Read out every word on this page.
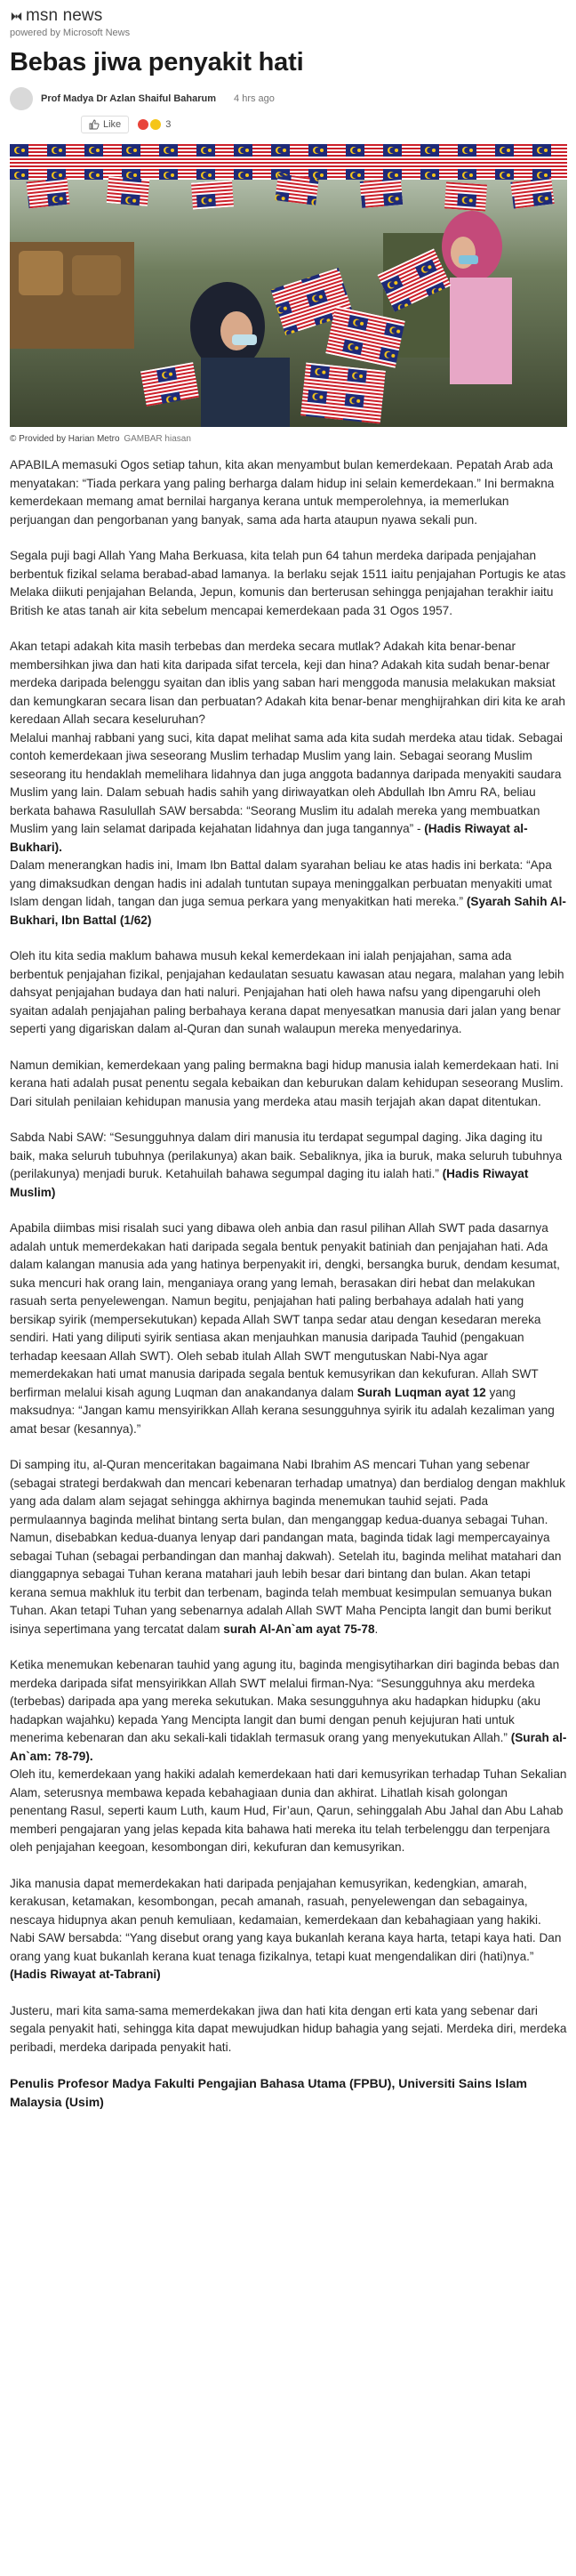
msn news
powered by Microsoft News
Bebas jiwa penyakit hati
Prof Madya Dr Azlan Shaiful Baharum 4 hrs ago
Like	3
© Provided by Harian Metro GAMBAR hiasan

APABILA memasuki Ogos setiap tahun, kita akan menyambut bulan kemerdekaan. Pepatah Arab ada menyatakan: “Tiada perkara yang paling berharga dalam hidup ini selain kemerdekaan.” Ini bermakna kemerdekaan memang amat bernilai harganya kerana untuk memperolehnya, ia memerlukan perjuangan dan pengorbanan yang banyak, sama ada harta ataupun nyawa sekali pun.

Segala puji bagi Allah Yang Maha Berkuasa, kita telah pun 64 tahun merdeka daripada penjajahan berbentuk fizikal selama berabad-abad lamanya. Ia berlaku sejak 1511 iaitu penjajahan Portugis ke atas Melaka diikuti penjajahan Belanda, Jepun, komunis dan berterusan sehingga penjajahan terakhir iaitu British ke atas tanah air kita sebelum mencapai kemerdekaan pada 31 Ogos 1957.

Akan tetapi adakah kita masih terbebas dan merdeka secara mutlak? Adakah kita benar-benar membersihkan jiwa dan hati kita daripada sifat tercela, keji dan hina? Adakah kita sudah benar-benar merdeka daripada belenggu syaitan dan iblis yang saban hari menggoda manusia melakukan maksiat dan kemungkaran secara lisan dan perbuatan? Adakah kita benar-benar menghijrahkan diri kita ke arah keredaan Allah secara keseluruhan?

Melalui manhaj rabbani yang suci, kita dapat melihat sama ada kita sudah merdeka atau tidak. Sebagai contoh kemerdekaan jiwa seseorang Muslim terhadap Muslim yang lain. Sebagai seorang Muslim seseorang itu hendaklah memelihara lidahnya dan juga anggota badannya daripada menyakiti saudara Muslim yang lain. Dalam sebuah hadis sahih yang diriwayatkan oleh Abdullah Ibn Amru RA, beliau berkata bahawa Rasulullah SAW bersabda: “Seorang Muslim itu adalah mereka yang membuatkan Muslim yang lain selamat daripada kejahatan lidahnya dan juga tangannya” - (Hadis Riwayat al-Bukhari).

Dalam menerangkan hadis ini, Imam Ibn Battal dalam syarahan beliau ke atas hadis ini berkata: “Apa yang dimaksudkan dengan hadis ini adalah tuntutan supaya meninggalkan perbuatan menyakiti umat Islam dengan lidah, tangan dan juga semua perkara yang menyakitkan hati mereka.” (Syarah Sahih Al-Bukhari, Ibn Battal (1/62)

Oleh itu kita sedia maklum bahawa musuh kekal kemerdekaan ini ialah penjajahan, sama ada berbentuk penjajahan fizikal, penjajahan kedaulatan sesuatu kawasan atau negara, malahan yang lebih dahsyat penjajahan budaya dan hati naluri. Penjajahan hati oleh hawa nafsu yang dipengaruhi oleh syaitan adalah penjajahan paling berbahaya kerana dapat menyesatkan manusia dari jalan yang benar seperti yang digariskan dalam al-Quran dan sunah walaupun mereka menyedarinya.

Namun demikian, kemerdekaan yang paling bermakna bagi hidup manusia ialah kemerdekaan hati. Ini kerana hati adalah pusat penentu segala kebaikan dan keburukan dalam kehidupan seseorang Muslim. Dari situlah penilaian kehidupan manusia yang merdeka atau masih terjajah akan dapat ditentukan.

Sabda Nabi SAW: “Sesungguhnya dalam diri manusia itu terdapat segumpal daging. Jika daging itu baik, maka seluruh tubuhnya (perilakunya) akan baik. Sebaliknya, jika ia buruk, maka seluruh tubuhnya (perilakunya) menjadi buruk. Ketahuilah bahawa segumpal daging itu ialah hati.” (Hadis Riwayat Muslim)

Apabila diimbas misi risalah suci yang dibawa oleh anbia dan rasul pilihan Allah SWT pada dasarnya adalah untuk memerdekakan hati daripada segala bentuk penyakit batiniah dan penjajahan hati. Ada dalam kalangan manusia ada yang hatinya berpenyakit iri, dengki, bersangka buruk, dendam kesumat, suka mencuri hak orang lain, menganiaya orang yang lemah, berasakan diri hebat dan melakukan rasuah serta penyelewengan. Namun begitu, penjajahan hati paling berbahaya adalah hati yang bersikap syirik (mempersekutukan) kepada Allah SWT tanpa sedar atau dengan kesedaran mereka sendiri. Hati yang diliputi syirik sentiasa akan menjauhkan manusia daripada Tauhid (pengakuan terhadap keesaan Allah SWT). Oleh sebab itulah Allah SWT mengutuskan Nabi-Nya agar memerdekakan hati umat manusia daripada segala bentuk kemusyrikan dan kekufuran. Allah SWT berfirman melalui kisah agung Luqman dan anakandanya dalam Surah Luqman ayat 12 yang maksudnya: “Jangan kamu mensyirikkan Allah kerana sesungguhnya syirik itu adalah kezaliman yang amat besar (kesannya).”

Di samping itu, al-Quran menceritakan bagaimana Nabi Ibrahim AS mencari Tuhan yang sebenar (sebagai strategi berdakwah dan mencari kebenaran terhadap umatnya) dan berdialog dengan makhluk yang ada dalam alam sejagat sehingga akhirnya baginda menemukan tauhid sejati. Pada permulaannya baginda melihat bintang serta bulan, dan menganggap kedua-duanya sebagai Tuhan. Namun, disebabkan kedua-duanya lenyap dari pandangan mata, baginda tidak lagi mempercayainya sebagai Tuhan (sebagai perbandingan dan manhaj dakwah). Setelah itu, baginda melihat matahari dan dianggapnya sebagai Tuhan kerana matahari jauh lebih besar dari bintang dan bulan. Akan tetapi kerana semua makhluk itu terbit dan terbenam, baginda telah membuat kesimpulan semuanya bukan Tuhan. Akan tetapi Tuhan yang sebenarnya adalah Allah SWT Maha Pencipta langit dan bumi berikut isinya sepertimana yang tercatat dalam surah Al-An`am ayat 75-78.

Ketika menemukan kebenaran tauhid yang agung itu, baginda mengisytiharkan diri baginda bebas dan merdeka daripada sifat mensyirikkan Allah SWT melalui firman-Nya: “Sesungguhnya aku merdeka (terbebas) daripada apa yang mereka sekutukan. Maka sesungguhnya aku hadapkan hidupku (aku hadapkan wajahku) kepada Yang Mencipta langit dan bumi dengan penuh kejujuran hati untuk menerima kebenaran dan aku sekali-kali tidaklah termasuk orang yang menyekutukan Allah.” (Surah al-An`am: 78-79).

Oleh itu, kemerdekaan yang hakiki adalah kemerdekaan hati dari kemusyrikan terhadap Tuhan Sekalian Alam, seterusnya membawa kepada kebahagiaan dunia dan akhirat. Lihatlah kisah golongan penentang Rasul, seperti kaum Luth, kaum Hud, Fir’aun, Qarun, sehinggalah Abu Jahal dan Abu Lahab memberi pengajaran yang jelas kepada kita bahawa hati mereka itu telah terbelenggu dan terpenjara oleh penjajahan keegoan, kesombongan diri, kekufuran dan kemusyrikan.

Jika manusia dapat memerdekakan hati daripada penjajahan kemusyrikan, kedengkian, amarah, kerakusan, ketamakan, kesombongan, pecah amanah, rasuah, penyelewengan dan sebagainya, nescaya hidupnya akan penuh kemuliaan, kedamaian, kemerdekaan dan kebahagiaan yang hakiki. Nabi SAW bersabda: “Yang disebut orang yang kaya bukanlah kerana kaya harta, tetapi kaya hati. Dan orang yang kuat bukanlah kerana kuat tenaga fizikalnya, tetapi kuat mengendalikan diri (hati)nya.” (Hadis Riwayat at-Tabrani)

Justeru, mari kita sama-sama memerdekakan jiwa dan hati kita dengan erti kata yang sebenar dari segala penyakit hati, sehingga kita dapat mewujudkan hidup bahagia yang sejati. Merdeka diri, merdeka peribadi, merdeka daripada penyakit hati.

Penulis Profesor Madya Fakulti Pengajian Bahasa Utama (FPBU), Universiti Sains Islam Malaysia (Usim)
